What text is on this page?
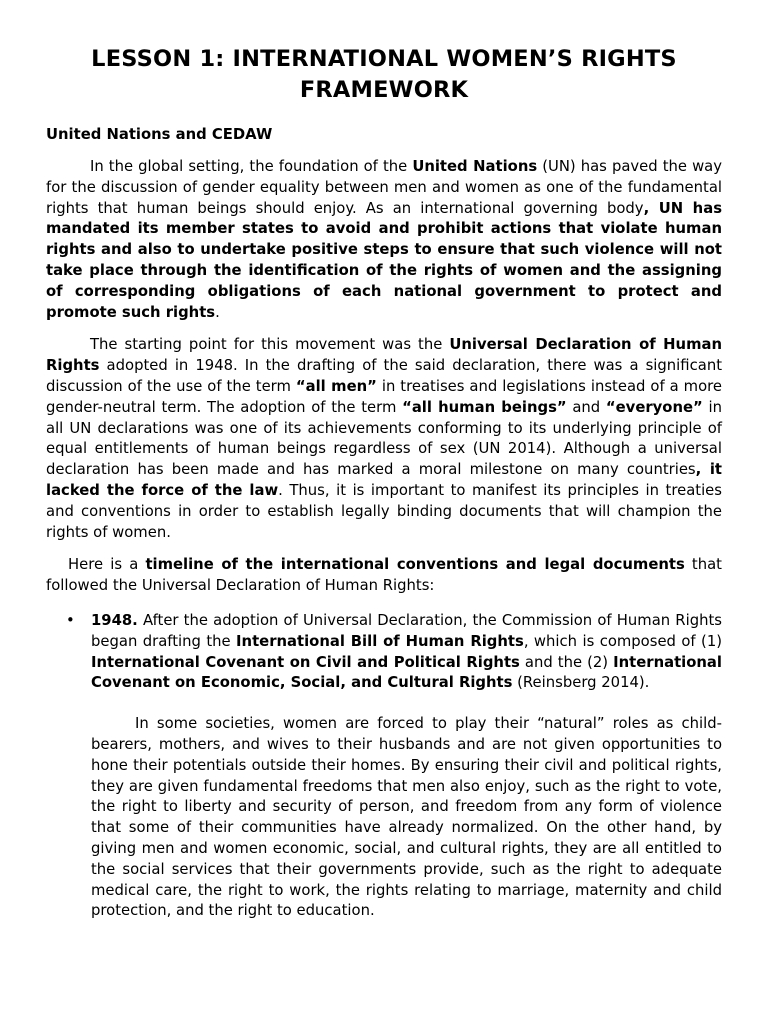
LESSON 1: INTERNATIONAL WOMEN’S RIGHTS FRAMEWORK
United Nations and CEDAW

In the global setting, the foundation of the United Nations (UN) has paved the way for the discussion of gender equality between men and women as one of the fundamental rights that human beings should enjoy. As an international governing body, UN has mandated its member states to avoid and prohibit actions that violate human rights and also to undertake positive steps to ensure that such violence will not take place through the identification of the rights of women and the assigning of corresponding obligations of each national government to protect and promote such rights.

The starting point for this movement was the Universal Declaration of Human Rights adopted in 1948. In the drafting of the said declaration, there was a significant discussion of the use of the term “all men” in treatises and legislations instead of a more gender-neutral term. The adoption of the term “all human beings” and “everyone” in all UN declarations was one of its achievements conforming to its underlying principle of equal entitlements of human beings regardless of sex (UN 2014). Although a universal declaration has been made and has marked a moral milestone on many countries, it lacked the force of the law. Thus, it is important to manifest its principles in treaties and conventions in order to establish legally binding documents that will champion the rights of women.

Here is a timeline of the international conventions and legal documents that followed the Universal Declaration of Human Rights:

• 1948. After the adoption of Universal Declaration, the Commission of Human Rights began drafting the International Bill of Human Rights, which is composed of (1) International Covenant on Civil and Political Rights and the (2) International Covenant on Economic, Social, and Cultural Rights (Reinsberg 2014).

In some societies, women are forced to play their “natural” roles as child-bearers, mothers, and wives to their husbands and are not given opportunities to hone their potentials outside their homes. By ensuring their civil and political rights, they are given fundamental freedoms that men also enjoy, such as the right to vote, the right to liberty and security of person, and freedom from any form of violence that some of their communities have already normalized. On the other hand, by giving men and women economic, social, and cultural rights, they are all entitled to the social services that their governments provide, such as the right to adequate medical care, the right to work, the rights relating to marriage, maternity and child protection, and the right to education.
